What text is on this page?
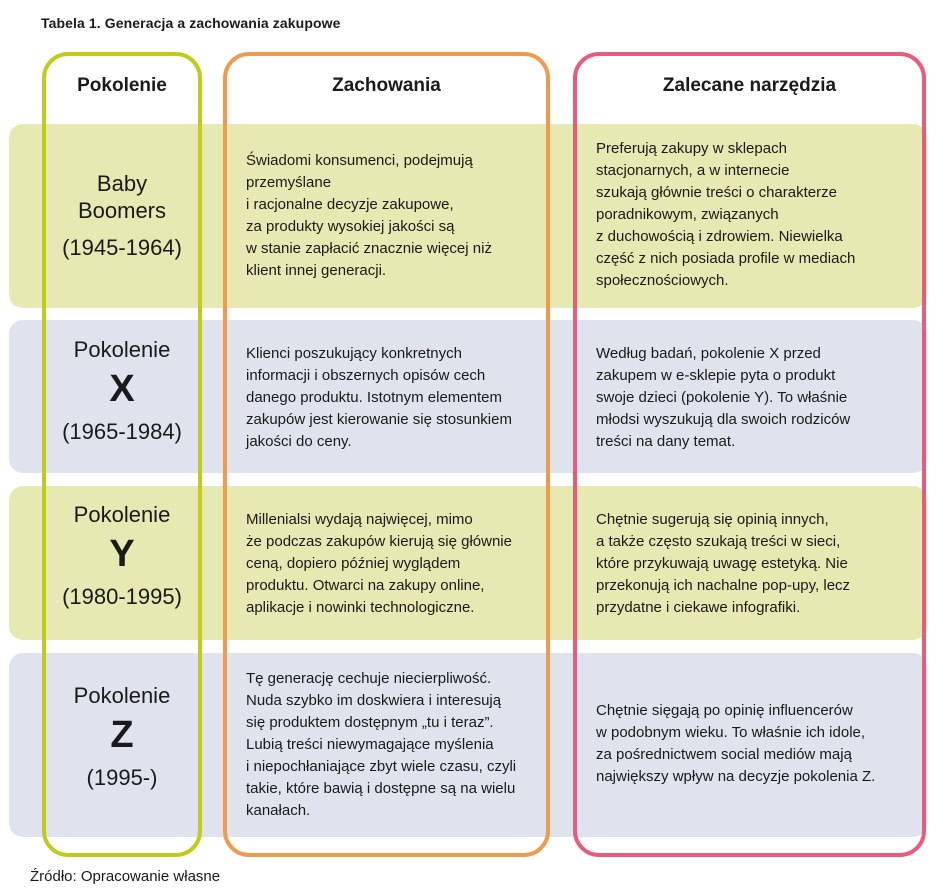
Tabela 1. Generacja a zachowania zakupowe
Pokolenie	Zachowania	Zalecane narzędzia
Baby
Boomers
(1945-1964)
Świadomi konsumenci, podejmują
przemyślane
i racjonalne decyzje zakupowe,
za produkty wysokiej jakości są
w stanie zapłacić znacznie więcej niż
klient innej generacji.
Preferują zakupy w sklepach
stacjonarnych, a w internecie
szukają głównie treści o charakterze
poradnikowym, związanych
z duchowością i zdrowiem. Niewielka
część z nich posiada profile w mediach
społecznościowych.
Pokolenie
X
(1965-1984)
Klienci poszukujący konkretnych
informacji i obszernych opisów cech
danego produktu. Istotnym elementem
zakupów jest kierowanie się stosunkiem
jakości do ceny.
Według badań, pokolenie X przed
zakupem w e-sklepie pyta o produkt
swoje dzieci (pokolenie Y). To właśnie
młodsi wyszukują dla swoich rodziców
treści na dany temat.
Pokolenie
Y
(1980-1995)
Millenialsi wydają najwięcej, mimo
że podczas zakupów kierują się głównie
ceną, dopiero później wyglądem
produktu. Otwarci na zakupy online,
aplikacje i nowinki technologiczne.
Chętnie sugerują się opinią innych,
a także często szukają treści w sieci,
które przykuwają uwagę estetyką. Nie
przekonują ich nachalne pop-upy, lecz
przydatne i ciekawe infografiki.
Pokolenie
Z
(1995-)
Tę generację cechuje niecierpliwość.
Nuda szybko im doskwiera i interesują
się produktem dostępnym „tu i teraz”.
Lubią treści niewymagające myślenia
i niepochłaniające zbyt wiele czasu, czyli
takie, które bawią i dostępne są na wielu
kanałach.
Chętnie sięgają po opinię influencerów
w podobnym wieku. To właśnie ich idole,
za pośrednictwem social mediów mają
największy wpływ na decyzje pokolenia Z.
Źródło: Opracowanie własne
